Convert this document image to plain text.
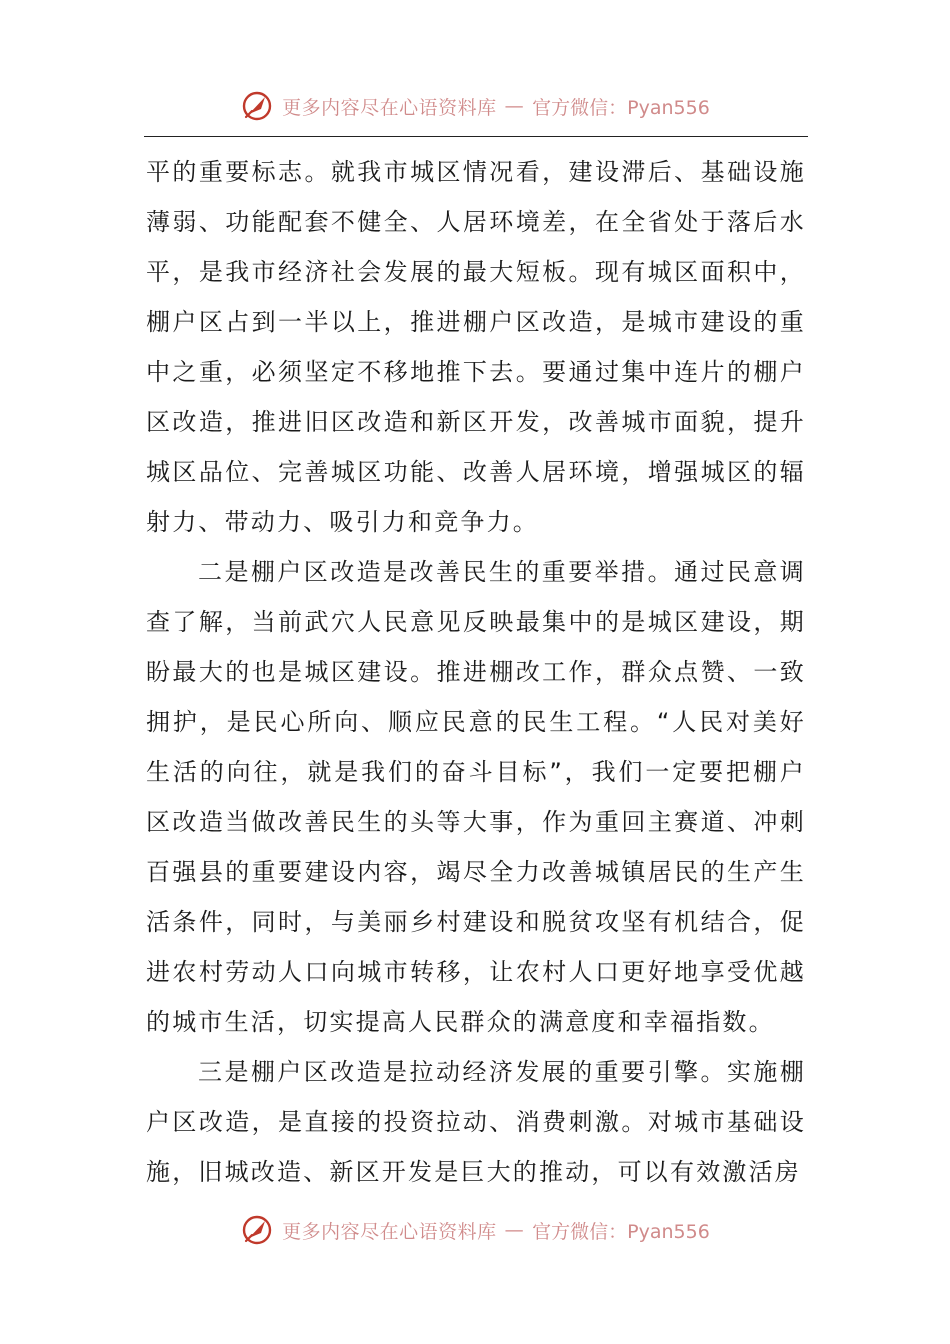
更多内容尽在心语资料库 — 官方微信：Pyan556

平的重要标志。就我市城区情况看，建设滞后、基础设施薄弱、功能配套不健全、人居环境差，在全省处于落后水平，是我市经济社会发展的最大短板。现有城区面积中，棚户区占到一半以上，推进棚户区改造，是城市建设的重中之重，必须坚定不移地推下去。要通过集中连片的棚户区改造，推进旧区改造和新区开发，改善城市面貌，提升城区品位、完善城区功能、改善人居环境，增强城区的辐射力、带动力、吸引力和竞争力。

二是棚户区改造是改善民生的重要举措。通过民意调查了解，当前武穴人民意见反映最集中的是城区建设，期盼最大的也是城区建设。推进棚改工作，群众点赞、一致拥护，是民心所向、顺应民意的民生工程。“人民对美好生活的向往，就是我们的奋斗目标”，我们一定要把棚户区改造当做改善民生的头等大事，作为重回主赛道、冲刺百强县的重要建设内容，竭尽全力改善城镇居民的生产生活条件，同时，与美丽乡村建设和脱贫攻坚有机结合，促进农村劳动人口向城市转移，让农村人口更好地享受优越的城市生活，切实提高人民群众的满意度和幸福指数。

三是棚户区改造是拉动经济发展的重要引擎。实施棚户区改造，是直接的投资拉动、消费刺激。对城市基础设施，旧城改造、新区开发是巨大的推动，可以有效激活房

更多内容尽在心语资料库 — 官方微信：Pyan556
